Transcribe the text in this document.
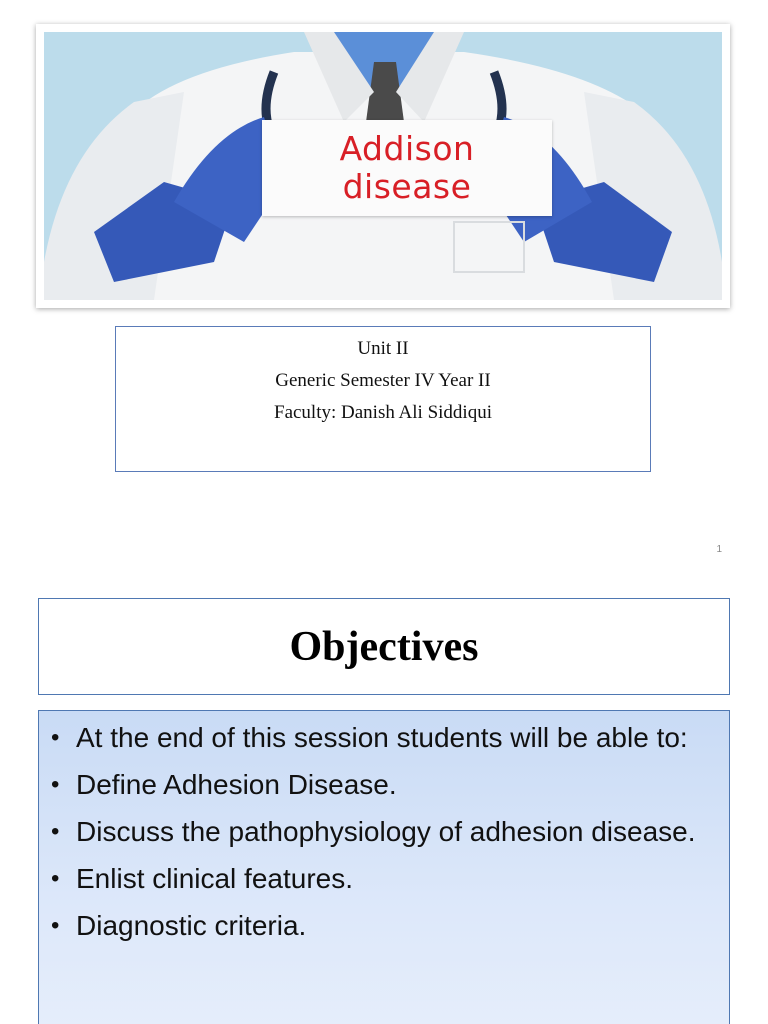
Addison
disease
Unit II
Generic Semester IV Year II
Faculty: Danish Ali Siddiqui
1
Objectives
• At the end of this session students will be able to:
• Define Adhesion Disease.
• Discuss the pathophysiology of adhesion disease.
• Enlist clinical features.
• Diagnostic criteria.
